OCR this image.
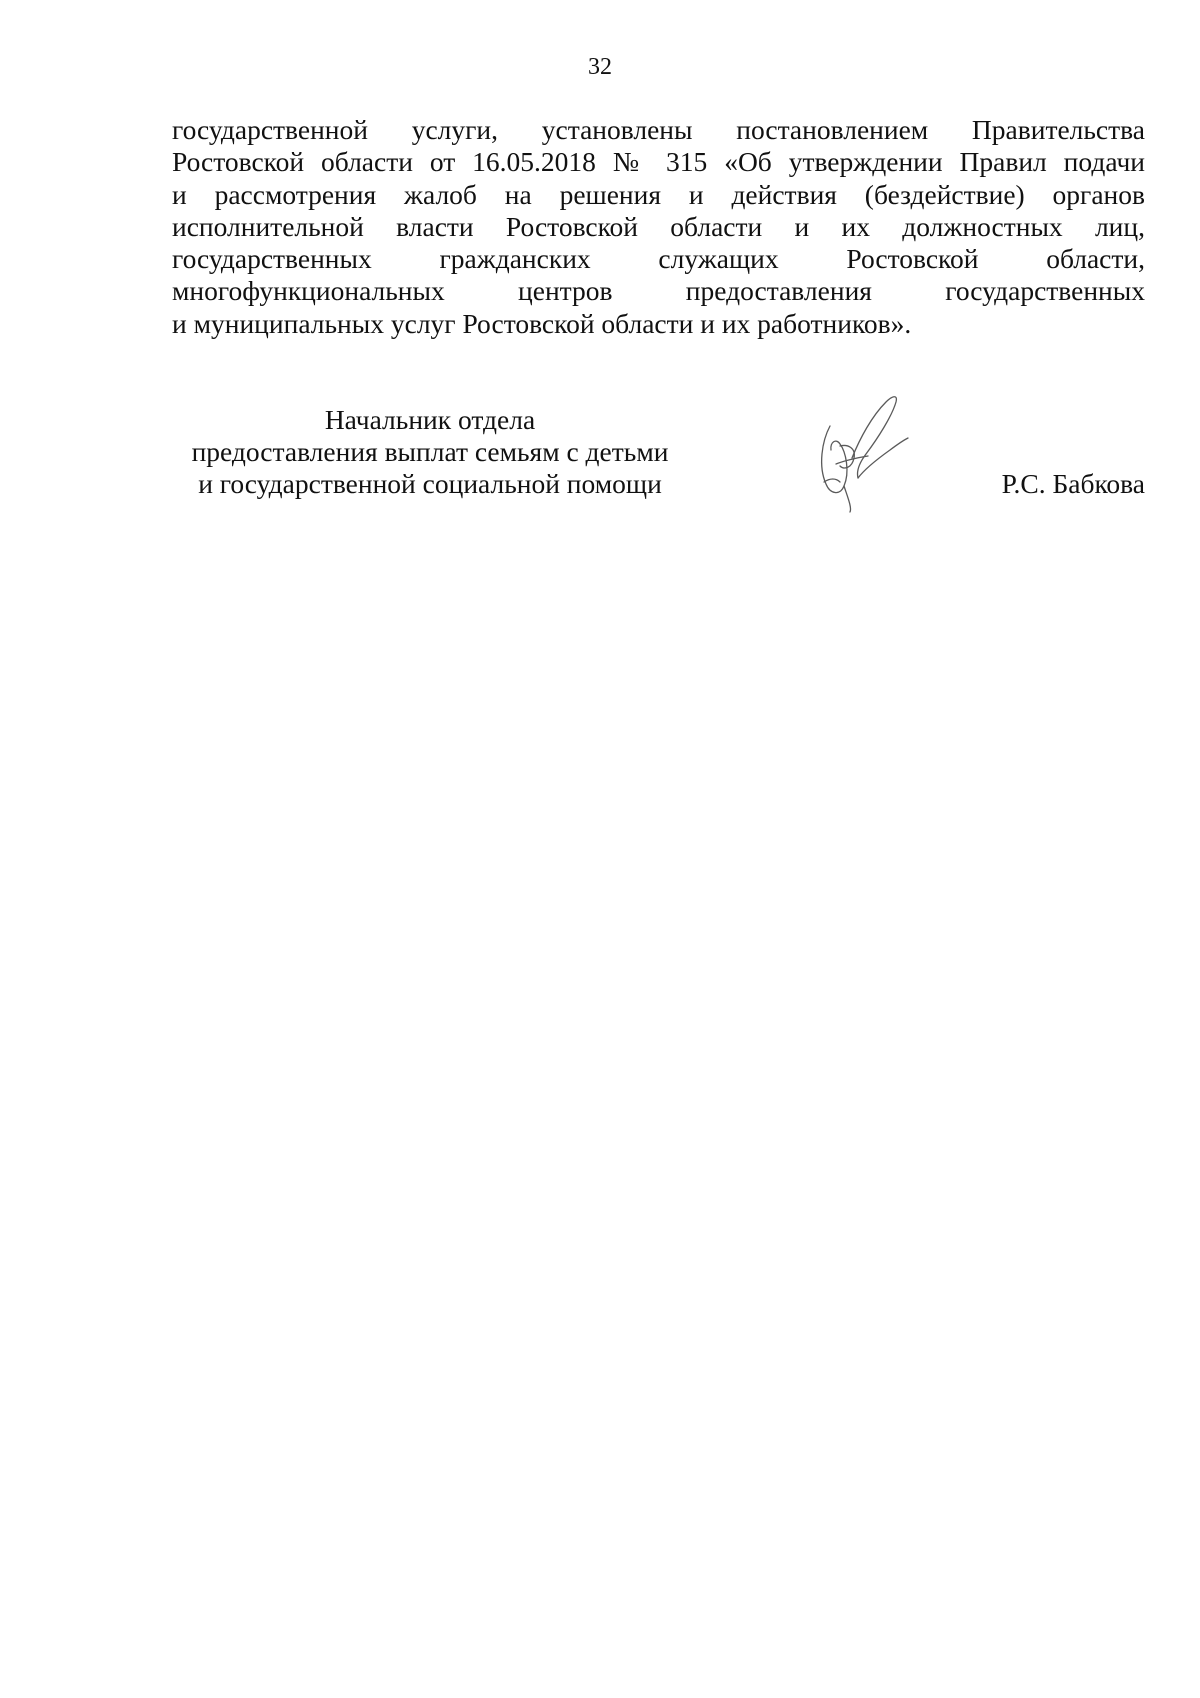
32
государственной услуги, установлены постановлением Правительства
Ростовской области от 16.05.2018 № 315 «Об утверждении Правил подачи
и рассмотрения жалоб на решения и действия (бездействие) органов
исполнительной власти Ростовской области и их должностных лиц,
государственных гражданских служащих Ростовской области,
многофункциональных центров предоставления государственных
и муниципальных услуг Ростовской области и их работников».
Начальник отдела
предоставления выплат семьям с детьми
и государственной социальной помощи	Р.С. Бабкова
